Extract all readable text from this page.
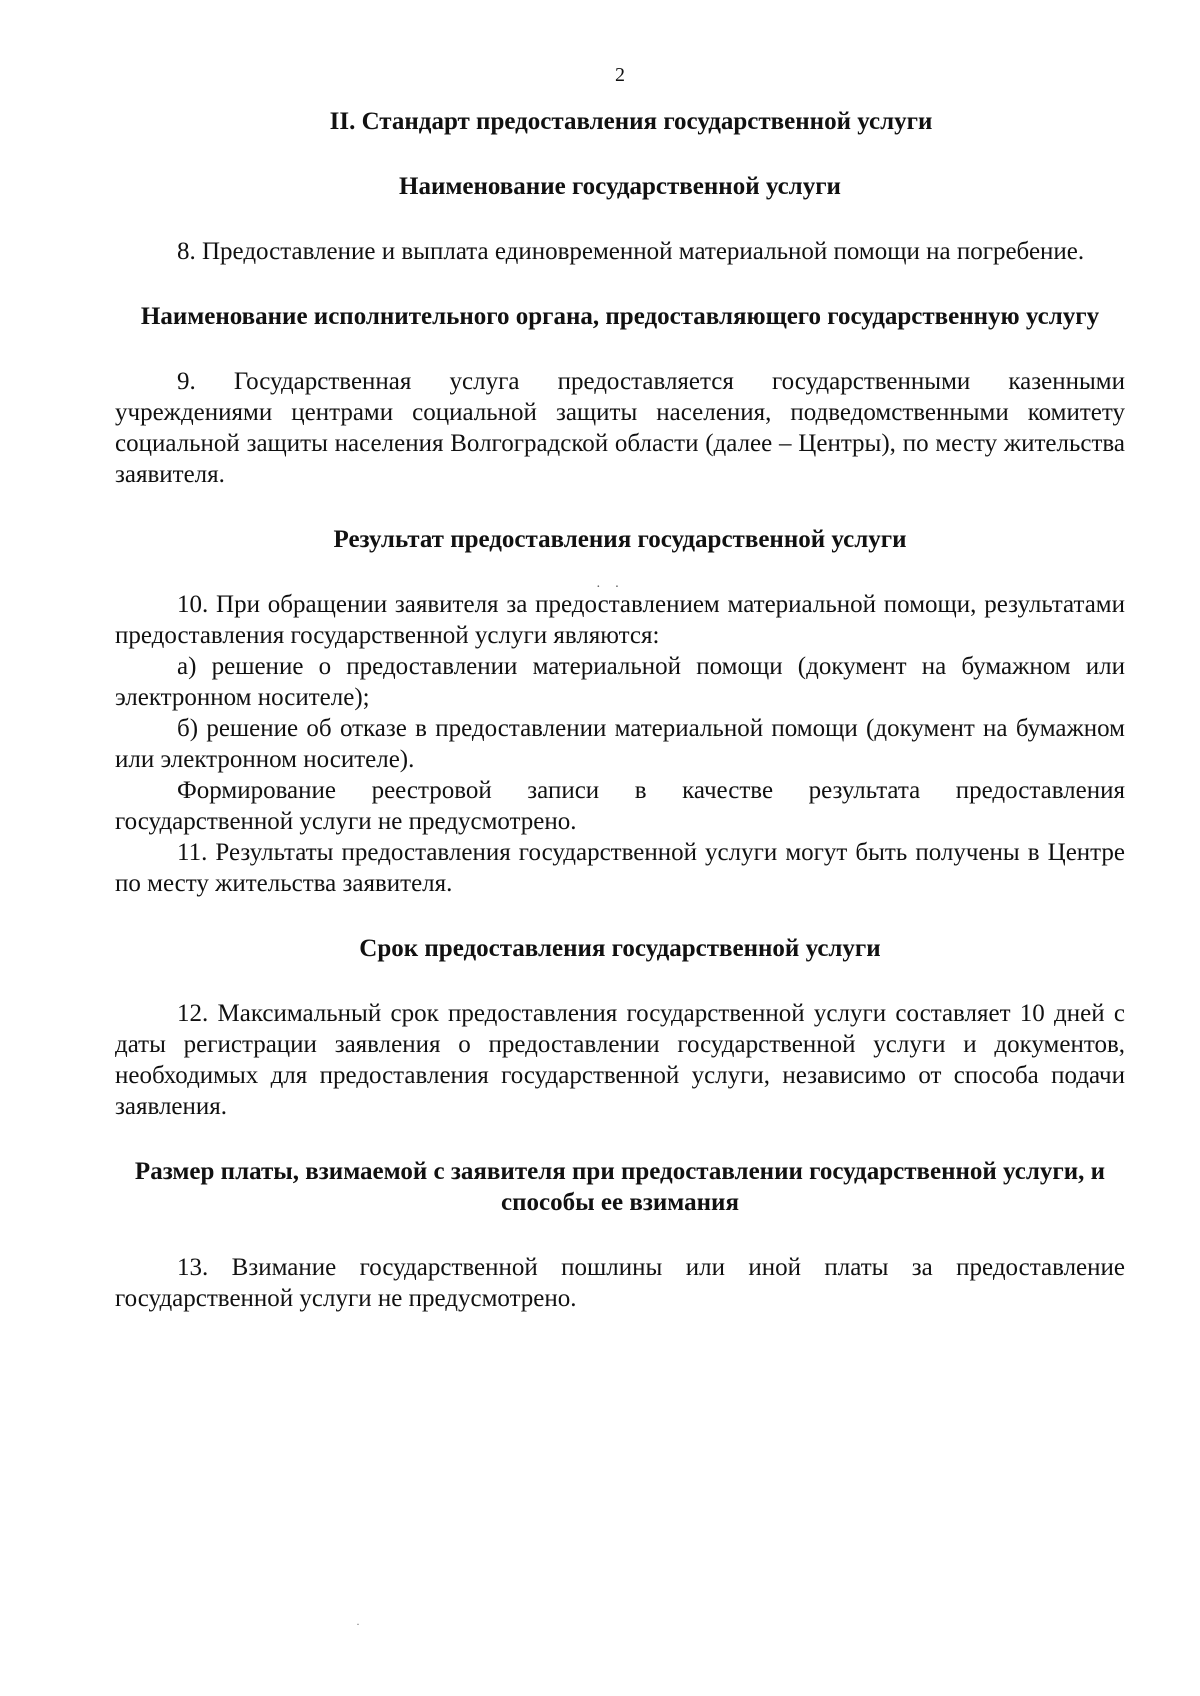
2
II. Стандарт предоставления государственной услуги
Наименование государственной услуги

8. Предоставление и выплата единовременной материальной помощи на погребение.

Наименование исполнительного органа, предоставляющего государственную услугу

9. Государственная услуга предоставляется государственными казенными учреждениями центрами социальной защиты населения, подведомственными комитету социальной защиты населения Волгоградской области (далее – Центры), по месту жительства заявителя.

Результат предоставления государственной услуги

10. При обращении заявителя за предоставлением материальной помощи, результатами предоставления государственной услуги являются:

а) решение о предоставлении материальной помощи (документ на бумажном или электронном носителе);

б) решение об отказе в предоставлении материальной помощи (документ на бумажном или электронном носителе).

Формирование реестровой записи в качестве результата предоставления государственной услуги не предусмотрено.

11. Результаты предоставления государственной услуги могут быть получены в Центре по месту жительства заявителя.

Срок предоставления государственной услуги

12. Максимальный срок предоставления государственной услуги составляет 10 дней с даты регистрации заявления о предоставлении государственной услуги и документов, необходимых для предоставления государственной услуги, независимо от способа подачи заявления.

Размер платы, взимаемой с заявителя при предоставлении государственной услуги, и способы ее взимания

13. Взимание государственной пошлины или иной платы за предоставление государственной услуги не предусмотрено.

··
·
